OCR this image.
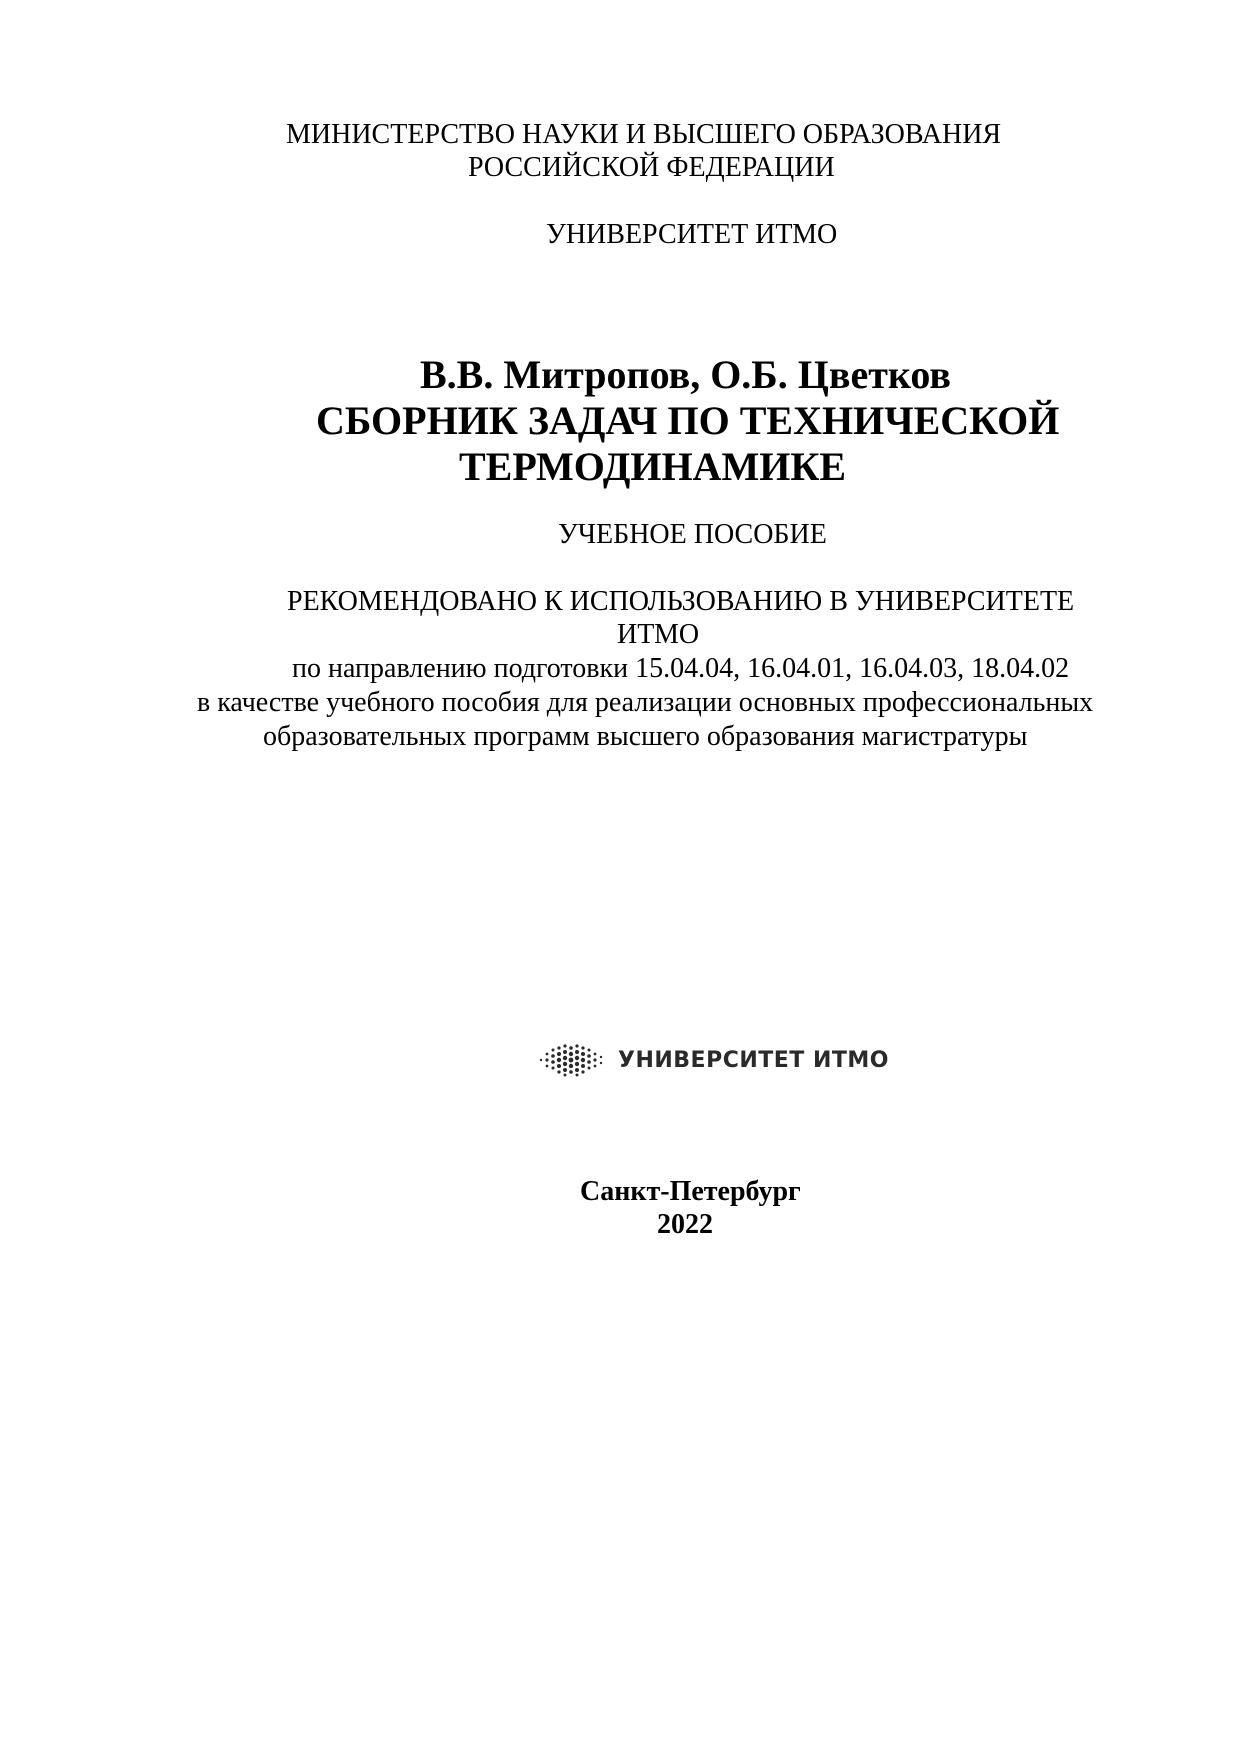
МИНИСТЕРСТВО НАУКИ И ВЫСШЕГО ОБРАЗОВАНИЯ
РОССИЙСКОЙ ФЕДЕРАЦИИ
УНИВЕРСИТЕТ ИТМО
В.В. Митропов, О.Б. Цветков
СБОРНИК ЗАДАЧ ПО ТЕХНИЧЕСКОЙ
ТЕРМОДИНАМИКЕ
УЧЕБНОЕ ПОСОБИЕ
РЕКОМЕНДОВАНО К ИСПОЛЬЗОВАНИЮ В УНИВЕРСИТЕТЕ
ИТМО
по направлению подготовки 15.04.04, 16.04.01, 16.04.03, 18.04.02
в качестве учебного пособия для реализации основных профессиональных
образовательных программ высшего образования магистратуры
УНИВЕРСИТЕТ ИТМО
Санкт-Петербург
2022
